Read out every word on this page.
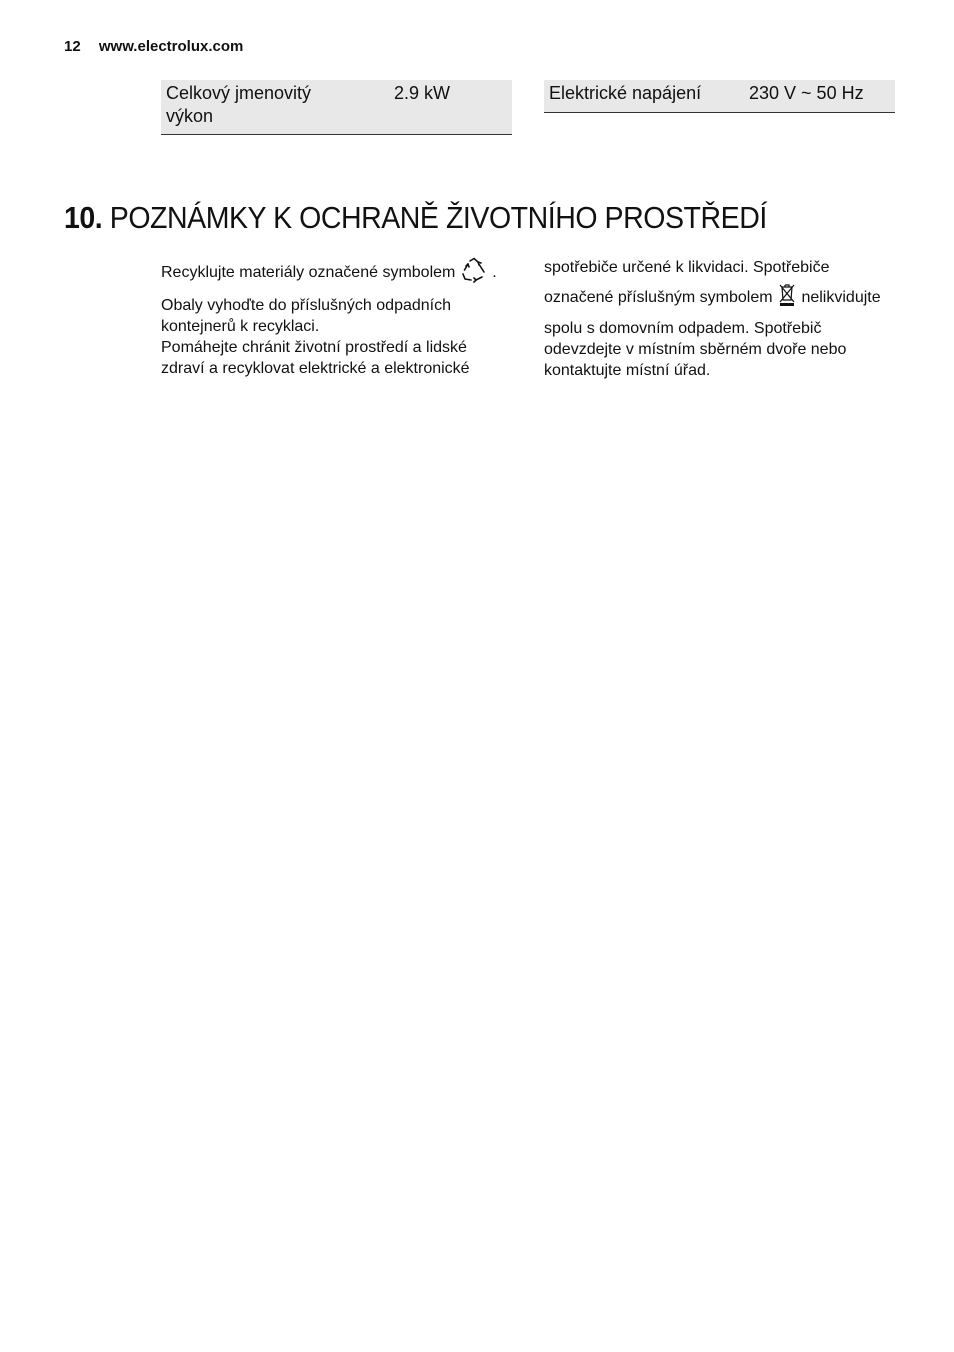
12 www.electrolux.com
Celkový jmenovitý výkon
2.9 kW	Elektrické napájení	230 V ~ 50 Hz
10. POZNÁMKY K OCHRANĚ ŽIVOTNÍHO PROSTŘEDÍ

Recyklujte materiály označené symbolem .

Obaly vyhoďte do příslušných odpadních
kontejnerů k recyklaci.
Pomáhejte chránit životní prostředí a lidské
zdraví a recyklovat elektrické a elektronické

spotřebiče určené k likvidaci. Spotřebiče
označené příslušným symbolem nelikvidujte
spolu s domovním odpadem. Spotřebič
odevzdejte v místním sběrném dvoře nebo
kontaktujte místní úřad.
